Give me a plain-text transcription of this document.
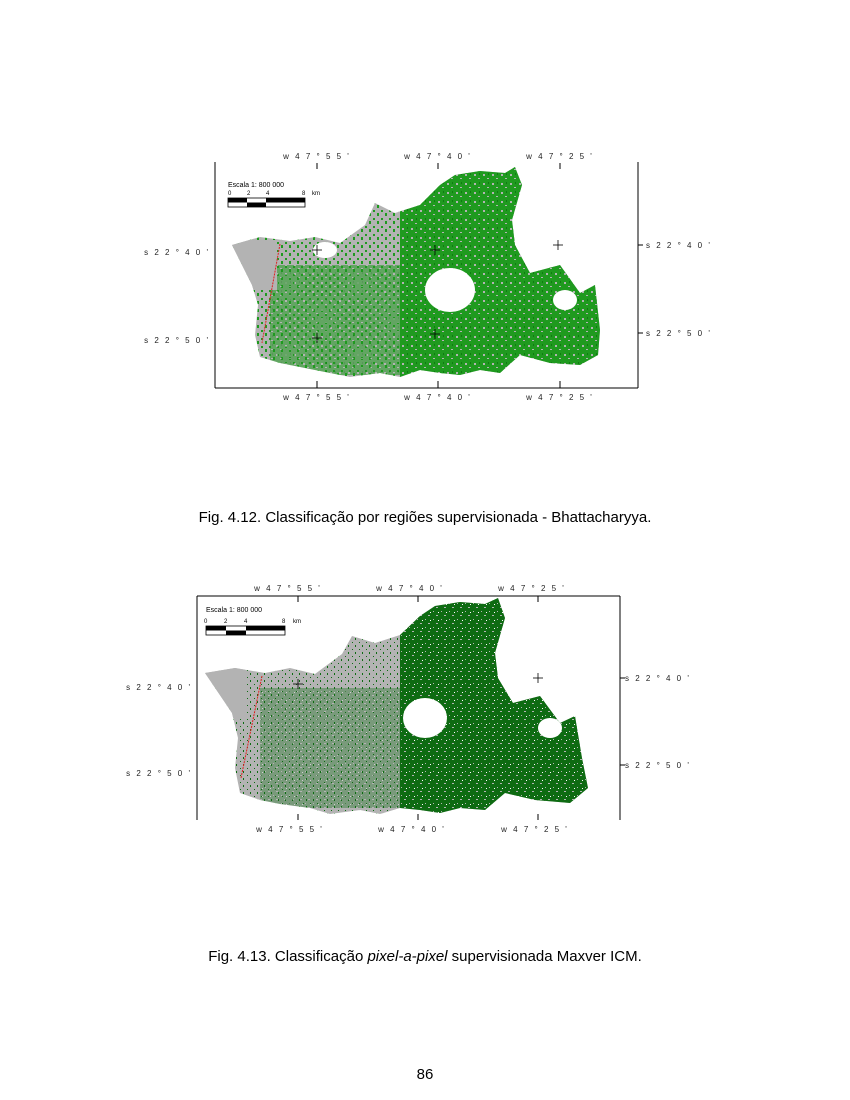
w 4 7 ° 5 5 '	w 4 7 ° 4 0 '	w 4 7 ° 2 5 '
w 4 7 ° 5 5 '	w 4 7 ° 4 0 '	w 4 7 ° 2 5 '
s 2 2 ° 4 0 '
s 2 2 ° 5 0 '
s 2 2 ° 4 0 '
s 2 2 ° 5 0 '
Escala 1: 800 000
0	2	4	8 km
Fig. 4.12. Classificação por regiões supervisionada - Bhattacharyya.
w 4 7 ° 5 5 '	w 4 7 ° 4 0 '	w 4 7 ° 2 5 '
w 4 7 ° 5 5 '	w 4 7 ° 4 0 '	w 4 7 ° 2 5 '
s 2 2 ° 4 0 '
s 2 2 ° 5 0 '
s 2 2 ° 4 0 '
s 2 2 ° 5 0 '
Escala 1: 800 000
0	2	4	8 km
Fig. 4.13. Classificação pixel-a-pixel supervisionada Maxver ICM.
86
